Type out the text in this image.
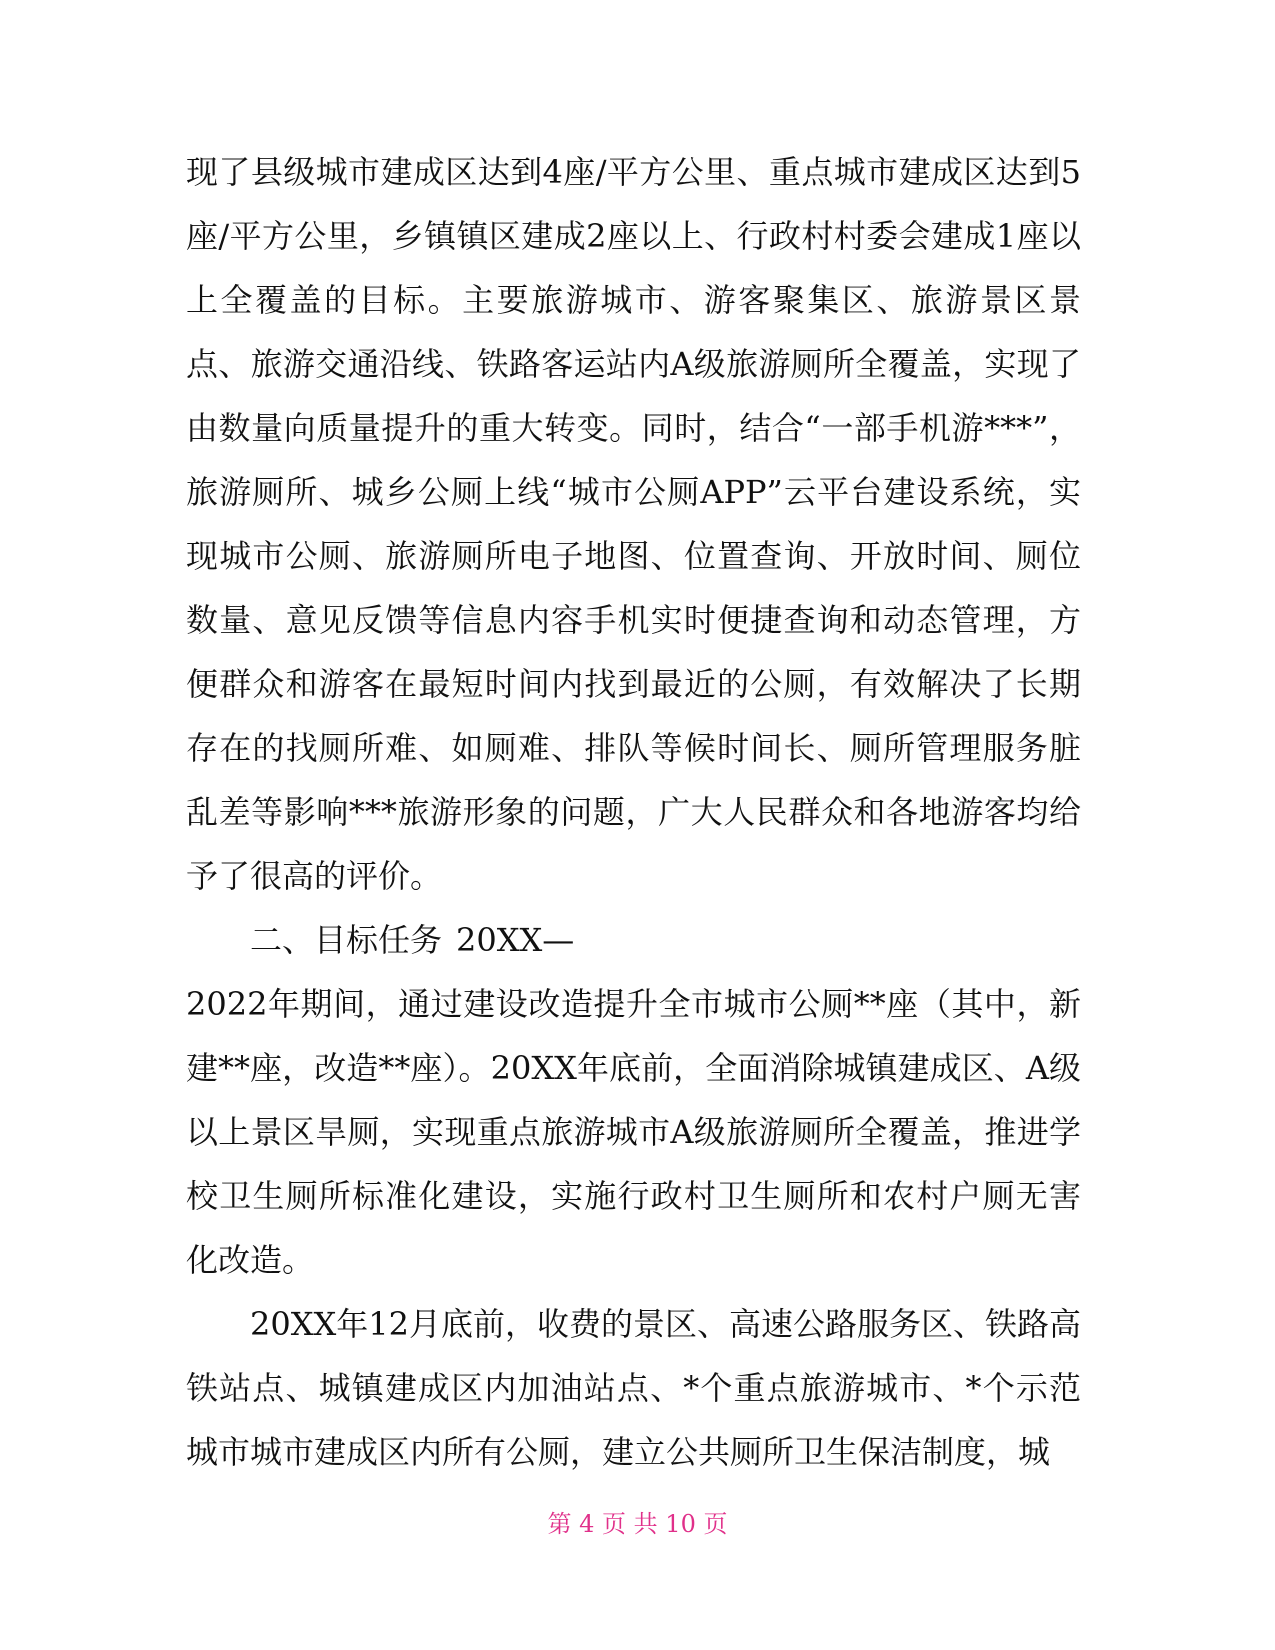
现了县级城市建成区达到4座/平方公里、重点城市建成区达到5座/平方公里，乡镇镇区建成2座以上、行政村村委会建成1座以上全覆盖的目标。主要旅游城市、游客聚集区、旅游景区景点、旅游交通沿线、铁路客运站内A级旅游厕所全覆盖，实现了由数量向质量提升的重大转变。同时，结合“一部手机游***”，旅游厕所、城乡公厕上线“城市公厕APP”云平台建设系统，实现城市公厕、旅游厕所电子地图、位置查询、开放时间、厕位数量、意见反馈等信息内容手机实时便捷查询和动态管理，方便群众和游客在最短时间内找到最近的公厕，有效解决了长期存在的找厕所难、如厕难、排队等候时间长、厕所管理服务脏乱差等影响***旅游形象的问题，广大人民群众和各地游客均给予了很高的评价。

二、目标任务 20XX—

2022年期间，通过建设改造提升全市城市公厕**座（其中，新建**座，改造**座）。20XX年底前，全面消除城镇建成区、A级以上景区旱厕，实现重点旅游城市A级旅游厕所全覆盖，推进学校卫生厕所标准化建设，实施行政村卫生厕所和农村户厕无害化改造。

20XX年12月底前，收费的景区、高速公路服务区、铁路高铁站点、城镇建成区内加油站点、*个重点旅游城市、*个示范城市城市建成区内所有公厕，建立公共厕所卫生保洁制度，城

第 4 页 共 10 页
